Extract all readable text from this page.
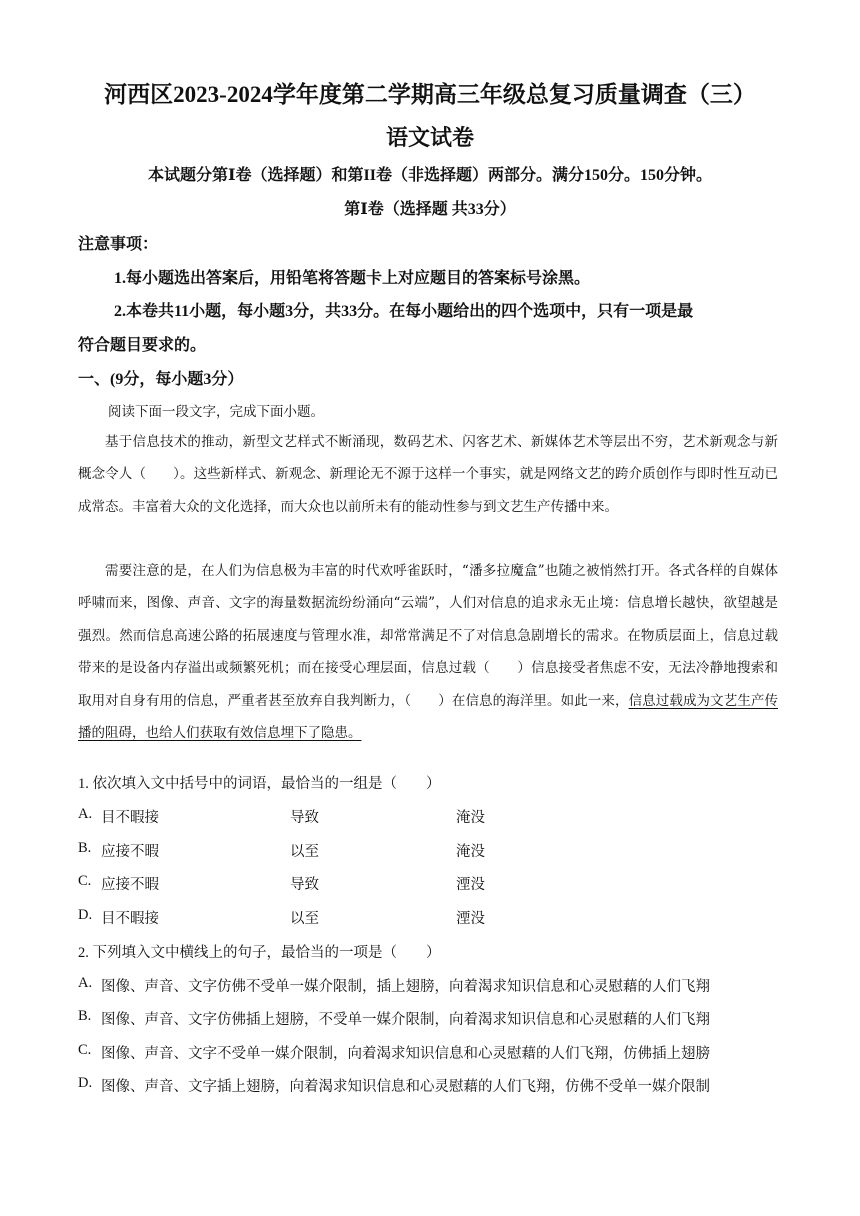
河西区2023-2024学年度第二学期高三年级总复习质量调查（三）
语文试卷
本试题分第Ⅰ卷（选择题）和第II卷（非选择题）两部分。满分150分。150分钟。
第Ⅰ卷（选择题 共33分）
注意事项：
1.每小题选出答案后，用铅笔将答题卡上对应题目的答案标号涂黑。
2.本卷共11小题，每小题3分，共33分。在每小题给出的四个选项中，只有一项是最
符合题目要求的。
一、(9分，每小题3分）
阅读下面一段文字，完成下面小题。

基于信息技术的推动，新型文艺样式不断涌现，数码艺术、闪客艺术、新媒体艺术等层出不穷，艺术新观念与新概念令人（　　）。这些新样式、新观念、新理论无不源于这样一个事实，就是网络文艺的跨介质创作与即时性互动已成常态。丰富着大众的文化选择，而大众也以前所未有的能动性参与到文艺生产传播中来。

需要注意的是，在人们为信息极为丰富的时代欢呼雀跃时，“潘多拉魔盒”也随之被悄然打开。各式各样的自媒体呼啸而来，图像、声音、文字的海量数据流纷纷涌向“云端”，人们对信息的追求永无止境：信息增长越快，欲望越是强烈。然而信息高速公路的拓展速度与管理水准，却常常满足不了对信息急剧增长的需求。在物质层面上，信息过载带来的是设备内存溢出或频繁死机；而在接受心理层面，信息过载（　　）信息接受者焦虑不安，无法冷静地搜索和取用对自身有用的信息，严重者甚至放弃自我判断力，（　　）在信息的海洋里。如此一来，信息过载成为文艺生产传播的阻碍，也给人们获取有效信息埋下了隐患。

1. 依次填入文中括号中的词语，最恰当的一组是（　　）
A. 目不暇接	导致	淹没
B. 应接不暇	以至	淹没
C. 应接不暇	导致	湮没
D. 目不暇接	以至	湮没
2. 下列填入文中横线上的句子，最恰当的一项是（　　）
A. 图像、声音、文字仿佛不受单一媒介限制，插上翅膀，向着渴求知识信息和心灵慰藉的人们飞翔
B. 图像、声音、文字仿佛插上翅膀，不受单一媒介限制，向着渴求知识信息和心灵慰藉的人们飞翔
C. 图像、声音、文字不受单一媒介限制，向着渴求知识信息和心灵慰藉的人们飞翔，仿佛插上翅膀
D. 图像、声音、文字插上翅膀，向着渴求知识信息和心灵慰藉的人们飞翔，仿佛不受单一媒介限制
